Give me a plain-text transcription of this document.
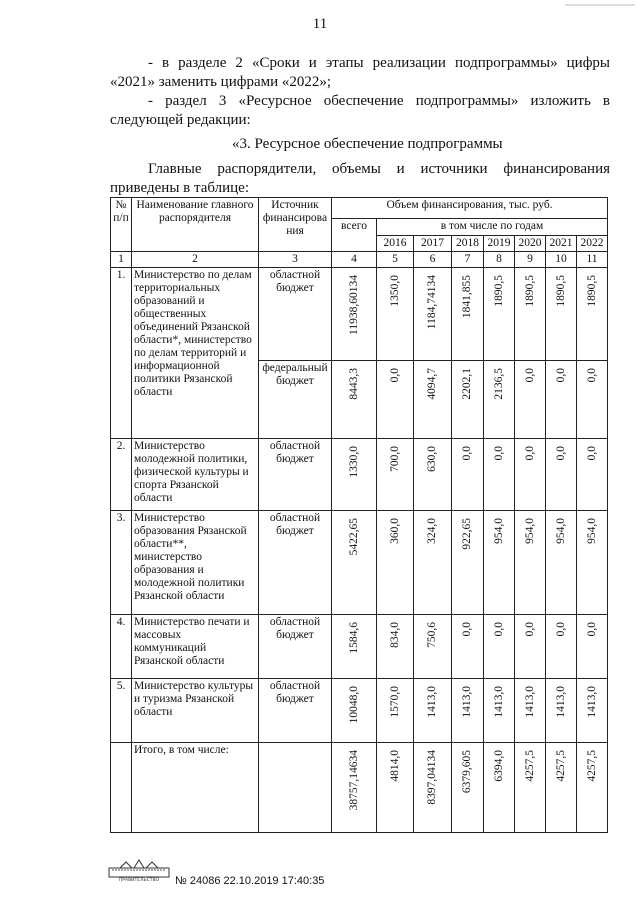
11
- в разделе 2 «Сроки и этапы реализации подпрограммы» цифры
«2021» заменить цифрами «2022»;
- раздел 3 «Ресурсное обеспечение подпрограммы» изложить в
следующей редакции:
«3. Ресурсное обеспечение подпрограммы
Главные распорядители, объемы и источники финансирования
приведены в таблице:
№ п/п	Наименование главного распорядителя	Источник финансирова ния	Объем финансирования, тыс. руб.							
			всего	в том числе по годам						
				2016	2017	2018	2019	2020	2021	2022
1	2	3	4	5	6	7	8	9	10	11
1.	Министерство по делам территориальных образований и общественных объединений Рязанской области*, министерство по делам территорий и информационной политики Рязанской области	областной бюджет	11938,60134	1350,0	1184,74134	1841,855	1890,5	1890,5	1890,5	1890,5
		федеральный бюджет	8443,3	0,0	4094,7	2202,1	2136,5	0,0	0,0	0,0
2.	Министерство молодежной политики, физической культуры и спорта Рязанской области	областной бюджет	1330,0	700,0	630,0	0,0	0,0	0,0	0,0	0,0
3.	Министерство образования Рязанской области**, министерство образования и молодежной политики Рязанской области	областной бюджет	5422,65	360,0	324,0	922,65	954,0	954,0	954,0	954,0
4.	Министерство печати и массовых коммуникаций Рязанской области	областной бюджет	1584,6	834,0	750,6	0,0	0,0	0,0	0,0	0,0
5.	Министерство культуры и туризма Рязанской области	областной бюджет	10048,0	1570,0	1413,0	1413,0	1413,0	1413,0	1413,0	1413,0
	Итого, в том числе:		38757,14634	4814,0	8397,04134	6379,605	6394,0	4257,5	4257,5	4257,5
ПРАВИТЕЛЬСТВО № 24086 22.10.2019 17:40:35
